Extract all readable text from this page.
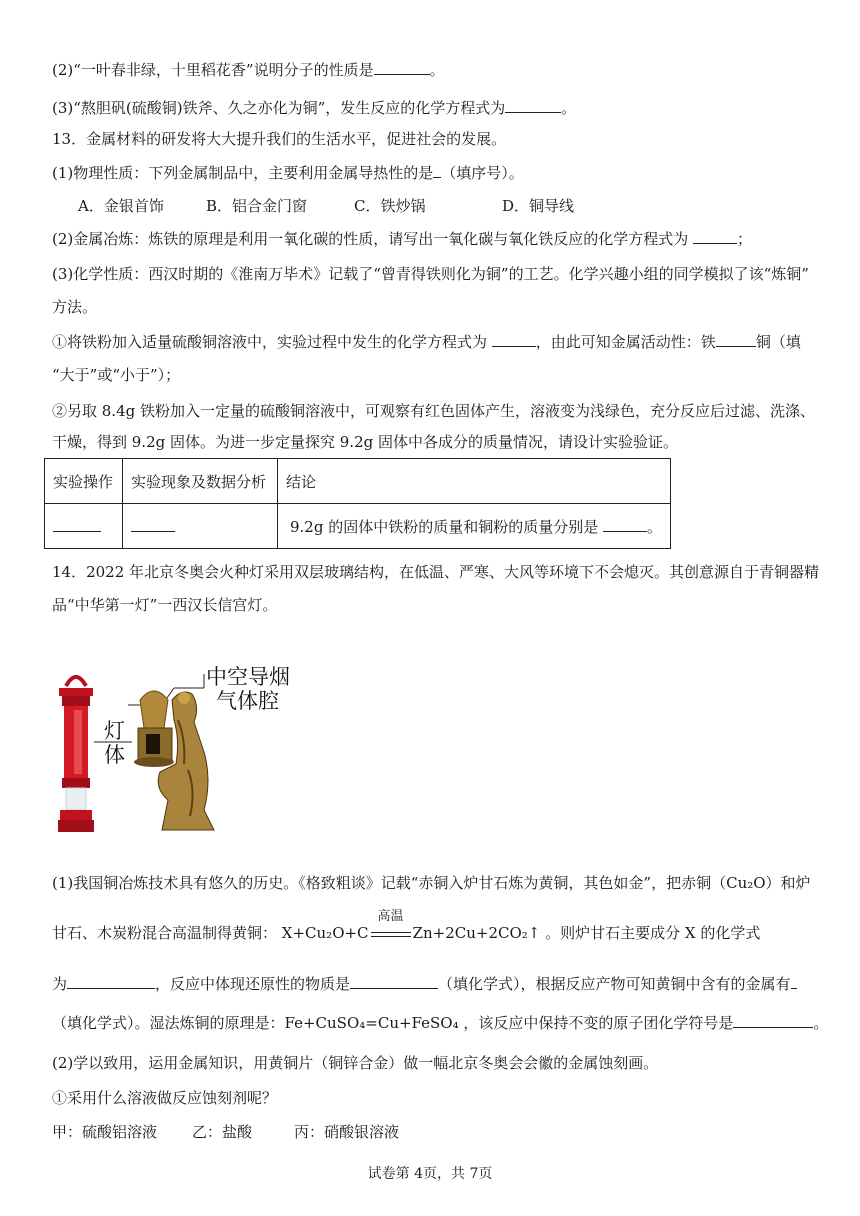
(2)“一叶春非绿，十里稻花香”说明分子的性质是	。
(3)“熬胆矾(硫酸铜)铁斧、久之亦化为铜”，发生反应的化学方程式为	。
13．金属材料的研发将大大提升我们的生活水平，促进社会的发展。
(1)物理性质：下列金属制品中，主要利用金属导热性的是 （填序号）。
A．金银首饰	B．铝合金门窗	C．铁炒锅	D．铜导线
(2)金属冶炼：炼铁的原理是利用一氧化碳的性质，请写出一氧化碳与氧化铁反应的化学方程式为	；
(3)化学性质：西汉时期的《淮南万毕术》记载了“曾青得铁则化为铜”的工艺。化学兴趣小组的同学模拟了该“炼铜”
方法。
①将铁粉加入适量硫酸铜溶液中，实验过程中发生的化学方程式为	，由此可知金属活动性：铁	铜（填
“大于”或“小于”）；
②另取 8.4g 铁粉加入一定量的硫酸铜溶液中，可观察有红色固体产生，溶液变为浅绿色，充分反应后过滤、洗涤、
干燥，得到 9.2g 固体。为进一步定量探究 9.2g 固体中各成分的质量情况，请设计实验验证。
实验操作	实验现象及数据分析	结论
		9.2g 的固体中铁粉的质量和铜粉的质量分别是 。
14．2022 年北京冬奥会火种灯采用双层玻璃结构，在低温、严寒、大风等环境下不会熄灭。其创意源自于青铜器精
品“中华第一灯”一西汉长信宫灯。
中空导烟
气体腔
灯
体
(1)我国铜冶炼技术具有悠久的历史。《格致粗谈》记载“赤铜入炉甘石炼为黄铜，其色如金”，把赤铜（Cu₂O）和炉
甘石、木炭粉混合高温制得黄铜： X+Cu₂O+C
高温
Zn+2Cu+2CO₂↑ 。则炉甘石主要成分 X 的化学式
为	，反应中体现还原性的物质是	（填化学式），根据反应产物可知黄铜中含有的金属有
（填化学式）。湿法炼铜的原理是：Fe+CuSO₄=Cu+FeSO₄ ，该反应中保持不变的原子团化学符号是	。
(2)学以致用，运用金属知识，用黄铜片（铜锌合金）做一幅北京冬奥会会徽的金属蚀刻画。
①采用什么溶液做反应蚀刻剂呢？
甲：硫酸铝溶液 乙：盐酸	丙：硝酸银溶液
试卷第 4页，共 7页
